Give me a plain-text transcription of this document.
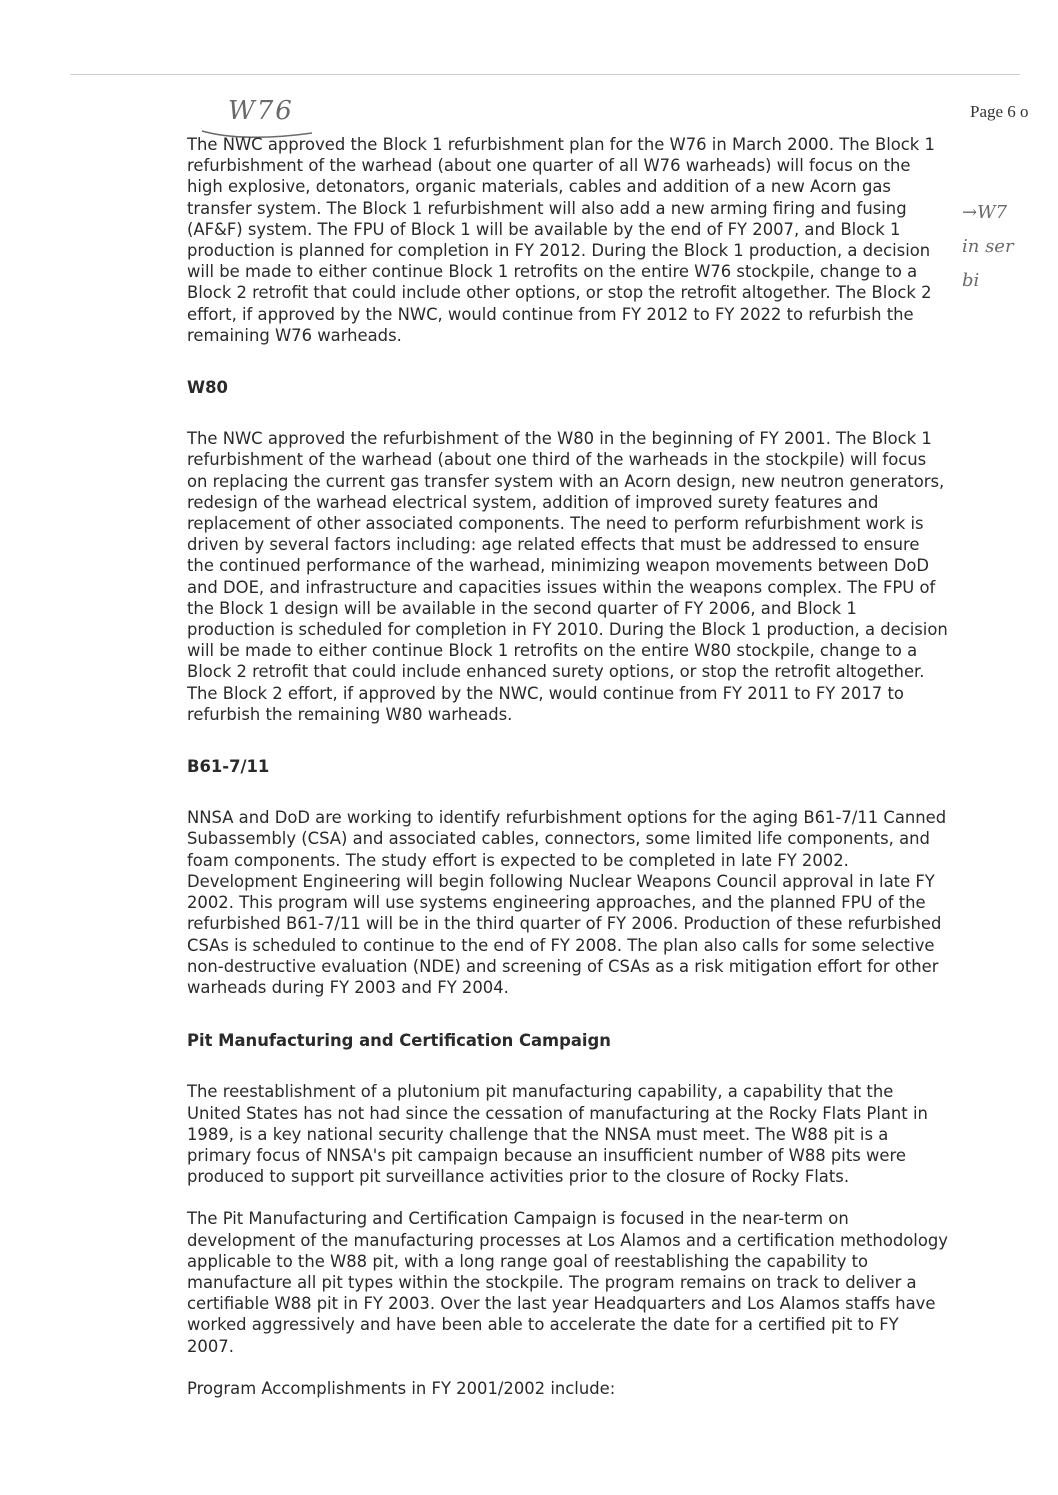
Page 6 o
W76
→W7
in ser
bi

The NWC approved the Block 1 refurbishment plan for the W76 in March 2000. The Block 1 refurbishment of the warhead (about one quarter of all W76 warheads) will focus on the high explosive, detonators, organic materials, cables and addition of a new Acorn gas transfer system. The Block 1 refurbishment will also add a new arming firing and fusing (AF&F) system. The FPU of Block 1 will be available by the end of FY 2007, and Block 1 production is planned for completion in FY 2012. During the Block 1 production, a decision will be made to either continue Block 1 retrofits on the entire W76 stockpile, change to a Block 2 retrofit that could include other options, or stop the retrofit altogether. The Block 2 effort, if approved by the NWC, would continue from FY 2012 to FY 2022 to refurbish the remaining W76 warheads.

W80

The NWC approved the refurbishment of the W80 in the beginning of FY 2001. The Block 1 refurbishment of the warhead (about one third of the warheads in the stockpile) will focus on replacing the current gas transfer system with an Acorn design, new neutron generators, redesign of the warhead electrical system, addition of improved surety features and replacement of other associated components. The need to perform refurbishment work is driven by several factors including: age related effects that must be addressed to ensure the continued performance of the warhead, minimizing weapon movements between DoD and DOE, and infrastructure and capacities issues within the weapons complex. The FPU of the Block 1 design will be available in the second quarter of FY 2006, and Block 1 production is scheduled for completion in FY 2010. During the Block 1 production, a decision will be made to either continue Block 1 retrofits on the entire W80 stockpile, change to a Block 2 retrofit that could include enhanced surety options, or stop the retrofit altogether. The Block 2 effort, if approved by the NWC, would continue from FY 2011 to FY 2017 to refurbish the remaining W80 warheads.

B61-7/11

NNSA and DoD are working to identify refurbishment options for the aging B61-7/11 Canned Subassembly (CSA) and associated cables, connectors, some limited life components, and foam components. The study effort is expected to be completed in late FY 2002. Development Engineering will begin following Nuclear Weapons Council approval in late FY 2002. This program will use systems engineering approaches, and the planned FPU of the refurbished B61-7/11 will be in the third quarter of FY 2006. Production of these refurbished CSAs is scheduled to continue to the end of FY 2008. The plan also calls for some selective non-destructive evaluation (NDE) and screening of CSAs as a risk mitigation effort for other warheads during FY 2003 and FY 2004.

Pit Manufacturing and Certification Campaign

The reestablishment of a plutonium pit manufacturing capability, a capability that the United States has not had since the cessation of manufacturing at the Rocky Flats Plant in 1989, is a key national security challenge that the NNSA must meet. The W88 pit is a primary focus of NNSA's pit campaign because an insufficient number of W88 pits were produced to support pit surveillance activities prior to the closure of Rocky Flats.

The Pit Manufacturing and Certification Campaign is focused in the near-term on development of the manufacturing processes at Los Alamos and a certification methodology applicable to the W88 pit, with a long range goal of reestablishing the capability to manufacture all pit types within the stockpile. The program remains on track to deliver a certifiable W88 pit in FY 2003. Over the last year Headquarters and Los Alamos staffs have worked aggressively and have been able to accelerate the date for a certified pit to FY 2007.

Program Accomplishments in FY 2001/2002 include:
